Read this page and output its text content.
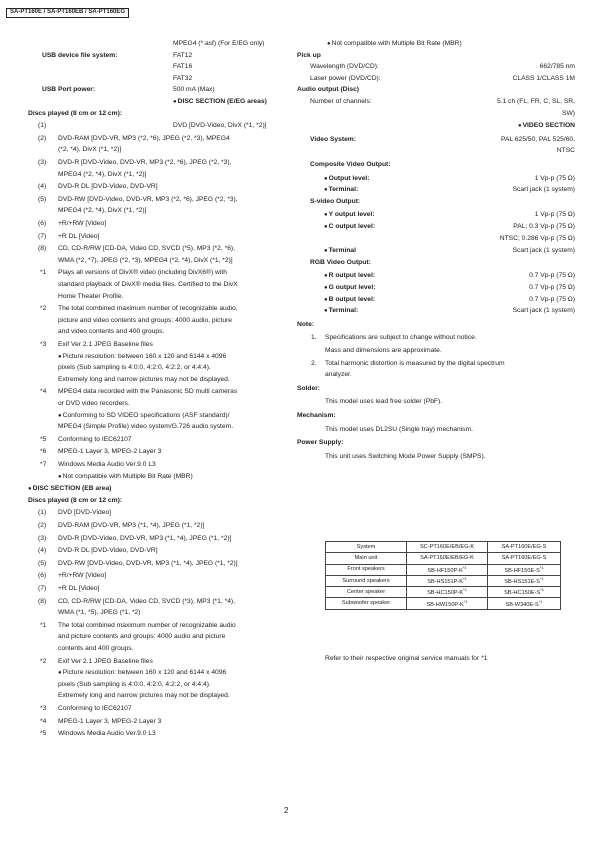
SA-PT160E / SA-PT160EB / SA-PT160EG
MPEG4 (*.asf) (For E/EG only)
USB device file system:	FAT12
FAT16
FAT32
USB Port power:	500 mA (Max)
● DISC SECTION (E/EG areas)
Discs played (8 cm or 12 cm):
(1)	DVD [DVD-Video, DivX (*1, *2)]
(2) DVD-RAM [DVD-VR, MP3 (*2, *6), JPEG (*2, *3), MPEG4
(*2, *4), DivX (*1, *2)]
(3) DVD-R [DVD-Video, DVD-VR, MP3 (*2, *6), JPEG (*2, *3),
MPEG4 (*2, *4), DivX (*1, *2)]
(4) DVD-R DL [DVD-Video, DVD-VR]
(5) DVD-RW [DVD-Video, DVD-VR, MP3 (*2, *6), JPEG (*2, *3),
MPEG4 (*2, *4), DivX (*1, *2)]
(6) +R/+RW [Video]
(7) +R DL [Video]
(8) CD, CD-R/RW [CD-DA, Video CD, SVCD (*5), MP3 (*2, *6),
WMA (*2, *7), JPEG (*2, *3), MPEG4 (*2, *4), DivX (*1, *2)]
*1 Plays all versions of DivX® video (including DivX6®) with
standard playback of DivX® media files. Certified to the DivX
Home Theater Profile.
*2 The total combined maximum number of recognizable audio,
picture and video contents and groups: 4000 audio, picture
and video contents and 400 groups.
*3 Exif Ver 2.1 JPEG Baseline files
● Picture resolution: between 160 x 120 and 6144 x 4096
pixels (Sub sampling is 4:0:0, 4:2:0, 4:2:2, or 4:4:4).
Extremely long and narrow pictures may not be displayed.
*4 MPEG4 data recorded with the Panasonic SD multi cameras
or DVD video recorders.
● Conforming to SD VIDEO specifications (ASF standard)/
MPEG4 (Simple Profile) video system/G.726 audio system.
*5 Conforming to IEC62107
*6 MPEG-1 Layer 3, MPEG-2 Layer 3
*7 Windows Media Audio Ver.9.0 L3
● Not compatible with Multiple Bit Rate (MBR)
● DISC SECTION (EB area)
Discs played (8 cm or 12 cm):
(1) DVD [DVD-Video]
(2) DVD-RAM [DVD-VR, MP3 (*1, *4), JPEG (*1, *2)]
(3) DVD-R [DVD-Video, DVD-VR, MP3 (*1, *4), JPEG (*1, *2)]
(4) DVD-R DL [DVD-Video, DVD-VR]
(5) DVD-RW [DVD-Video, DVD-VR, MP3 (*1, *4), JPEG (*1, *2)]
(6) +R/+RW [Video]
(7) +R DL [Video]
(8) CD, CD-R/RW [CD-DA, Video CD, SVCD (*3), MP3 (*1, *4),
WMA (*1, *5), JPEG (*1, *2)
*1 The total combined maximum number of recognizable audio
and picture contents and groups: 4000 audio and picture
contents and 400 groups.
*2 Exif Ver 2.1 JPEG Baseline files
● Picture resolution: between 160 x 120 and 6144 x 4096
pixels (Sub sampling is 4:0:0, 4:2:0, 4:2:2, or 4:4:4).
Extremely long and narrow pictures may not be displayed.
*3 Conforming to IEC62107
*4 MPEG-1 Layer 3, MPEG-2 Layer 3
*5 Windows Media Audio Ver.9.0 L3
● Not compatible with Multiple Bit Rate (MBR)
Pick up
Wavelength (DVD/CD):	662/785 nm
Laser power (DVD/CD):	CLASS 1/CLASS 1M
Audio output (Disc)
Number of channels:	5.1 ch (FL, FR, C, SL, SR,
SW)
● VIDEO SECTION
Video System:	PAL 625/50, PAL 525/60,
NTSC
Composite Video Output:
● Output level:	1 Vp-p (75 Ω)
● Terminal:	Scart jack (1 system)
S-video Output:
● Y output level:	1 Vp-p (75 Ω)
● C output level:	PAL; 0.3 Vp-p (75 Ω)
NTSC; 0.286 Vp-p (75 Ω)
● Terminal	Scart jack (1 system)
RGB Video Output:
● R output level:	0.7 Vp-p (75 Ω)
● G output level:	0.7 Vp-p (75 Ω)
● B output level:	0.7 Vp-p (75 Ω)
● Terminal:	Scart jack (1 system)
Note:
1. Specifications are subject to change without notice.
Mass and dimensions are approximate.
2. Total harmonic distortion is measured by the digital spectrum
analyzer.
Solder:
This model uses lead free solder (PbF).
Mechanism:
This model uses DL2SU (Single tray) mechanism.
Power Supply:
This unit uses Switching Mode Power Supply (SMPS).
System	SC-PT160E/EB/EG-K	SA-PT160E/EG-S
Main unit	SA-PT160E/EB/EG-K	SA-PT160E/EG-S
Front speakers	$SB-HF150P-K^{*1}$	$SB-HF150E-S^{*1}$
Surround speakers	$SB-HS151P-K^{*1}$	$SB-HS151E-S^{*1}$
Center speaker	$SB-HC150P-K^{*1}$	$SB-HC150E-S^{*1}$
Subwoofer speaker	$SB-HW150P-K^{*1}$	$SB-W340E-S^{*1}$
Refer to their respective original service manuals for *1
2
